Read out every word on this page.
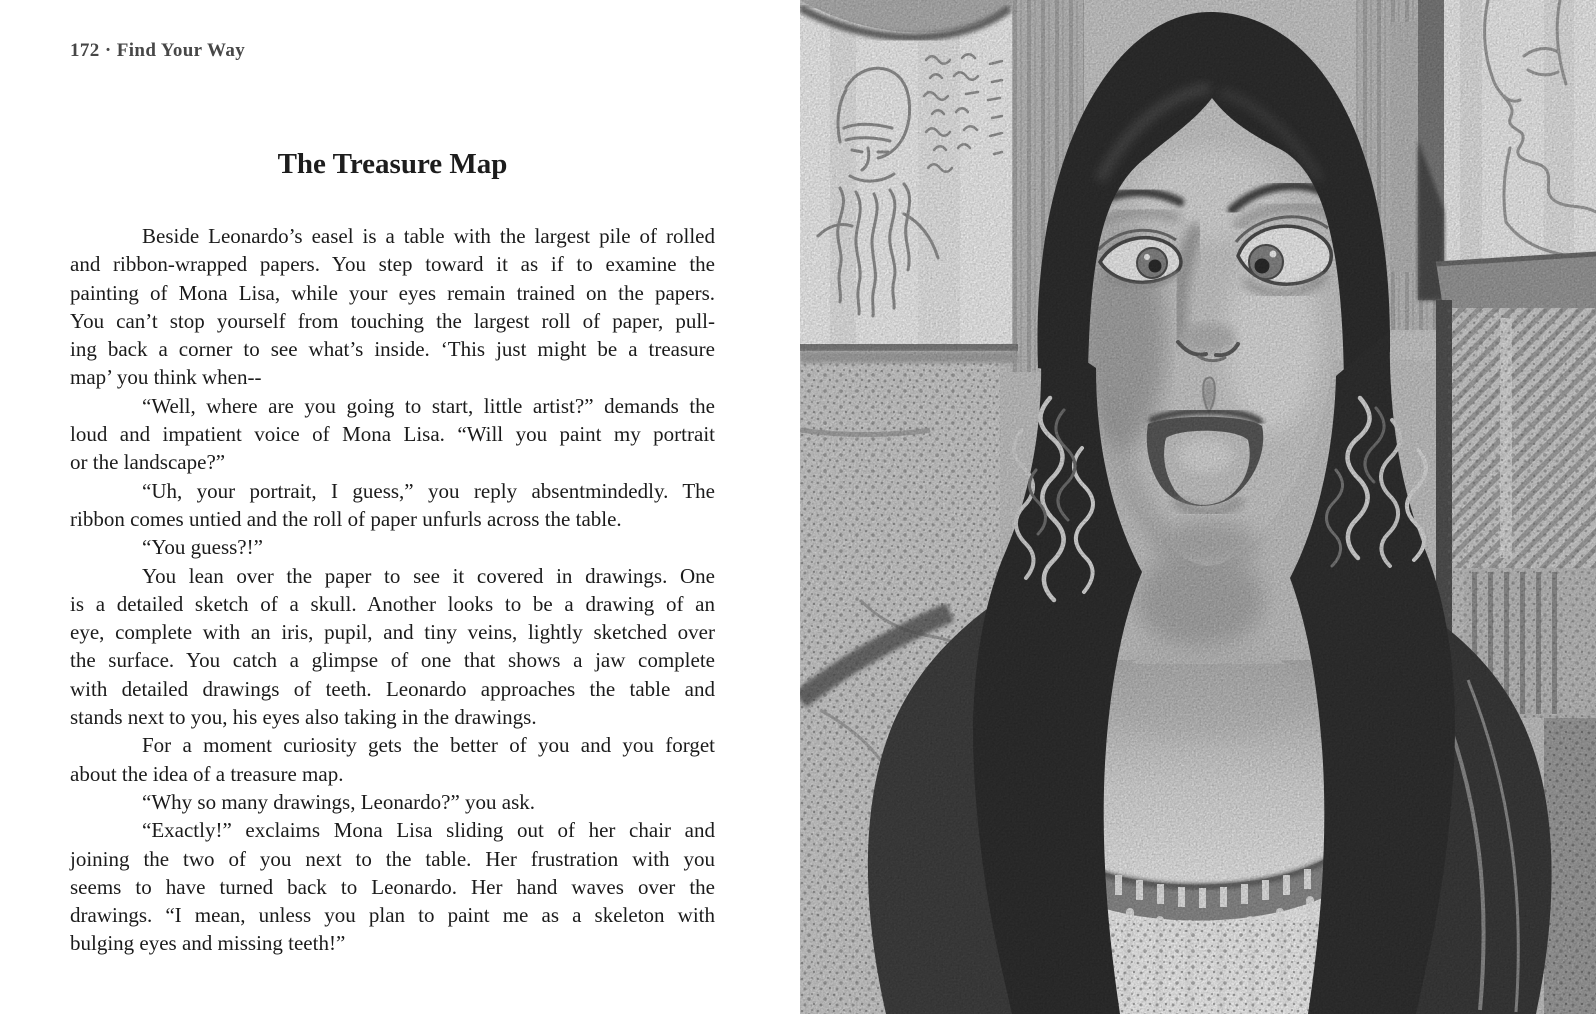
172 · Find Your Way
The Treasure Map
Beside Leonardo’s easel is a table with the largest pile of rolled
and ribbon-wrapped papers. You step toward it as if to examine the
painting of Mona Lisa, while your eyes remain trained on the papers.
You can’t stop yourself from touching the largest roll of paper, pull-
ing back a corner to see what’s inside. ‘This just might be a treasure
map’ you think when--
“Well, where are you going to start, little artist?” demands the
loud and impatient voice of Mona Lisa. “Will you paint my portrait
or the landscape?”
“Uh, your portrait, I guess,” you reply absentmindedly. The
ribbon comes untied and the roll of paper unfurls across the table.
“You guess?!”
You lean over the paper to see it covered in drawings. One
is a detailed sketch of a skull. Another looks to be a drawing of an
eye, complete with an iris, pupil, and tiny veins, lightly sketched over
the surface. You catch a glimpse of one that shows a jaw complete
with detailed drawings of teeth. Leonardo approaches the table and
stands next to you, his eyes also taking in the drawings.
For a moment curiosity gets the better of you and you forget
about the idea of a treasure map.
“Why so many drawings, Leonardo?” you ask.
“Exactly!” exclaims Mona Lisa sliding out of her chair and
joining the two of you next to the table. Her frustration with you
seems to have turned back to Leonardo. Her hand waves over the
drawings. “I mean, unless you plan to paint me as a skeleton with
bulging eyes and missing teeth!”
